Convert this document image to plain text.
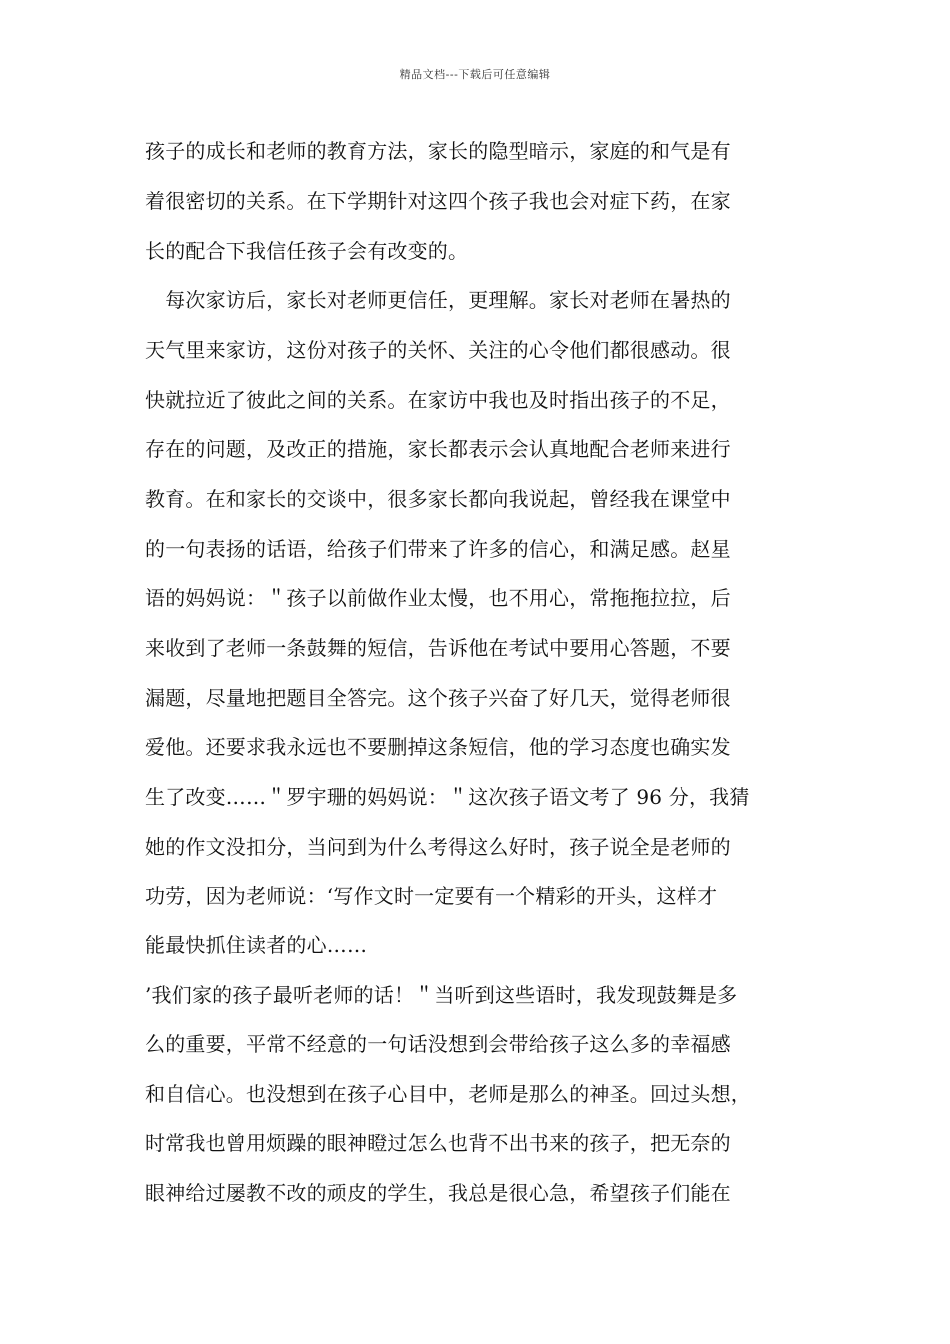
精品文档---下载后可任意编辑
孩子的成长和老师的教育方法，家长的隐型暗示，家庭的和气是有
着很密切的关系。在下学期针对这四个孩子我也会对症下药，在家
长的配合下我信任孩子会有改变的。
　每次家访后，家长对老师更信任，更理解。家长对老师在暑热的
天气里来家访，这份对孩子的关怀、关注的心令他们都很感动。很
快就拉近了彼此之间的关系。在家访中我也及时指出孩子的不足，
存在的问题，及改正的措施，家长都表示会认真地配合老师来进行
教育。在和家长的交谈中，很多家长都向我说起，曾经我在课堂中
的一句表扬的话语，给孩子们带来了许多的信心，和满足感。赵星
语的妈妈说：＂孩子以前做作业太慢，也不用心，常拖拖拉拉，后
来收到了老师一条鼓舞的短信，告诉他在考试中要用心答题，不要
漏题，尽量地把题目全答完。这个孩子兴奋了好几天，觉得老师很
爱他。还要求我永远也不要删掉这条短信，他的学习态度也确实发
生了改变……＂罗宇珊的妈妈说：＂这次孩子语文考了 96 分，我猜
她的作文没扣分，当问到为什么考得这么好时，孩子说全是老师的
功劳，因为老师说：‘写作文时一定要有一个精彩的开头，这样才
能最快抓住读者的心……
’我们家的孩子最听老师的话！＂当听到这些语时，我发现鼓舞是多
么的重要，平常不经意的一句话没想到会带给孩子这么多的幸福感
和自信心。也没想到在孩子心目中，老师是那么的神圣。回过头想，
时常我也曾用烦躁的眼神瞪过怎么也背不出书来的孩子，把无奈的
眼神给过屡教不改的顽皮的学生，我总是很心急，希望孩子们能在
